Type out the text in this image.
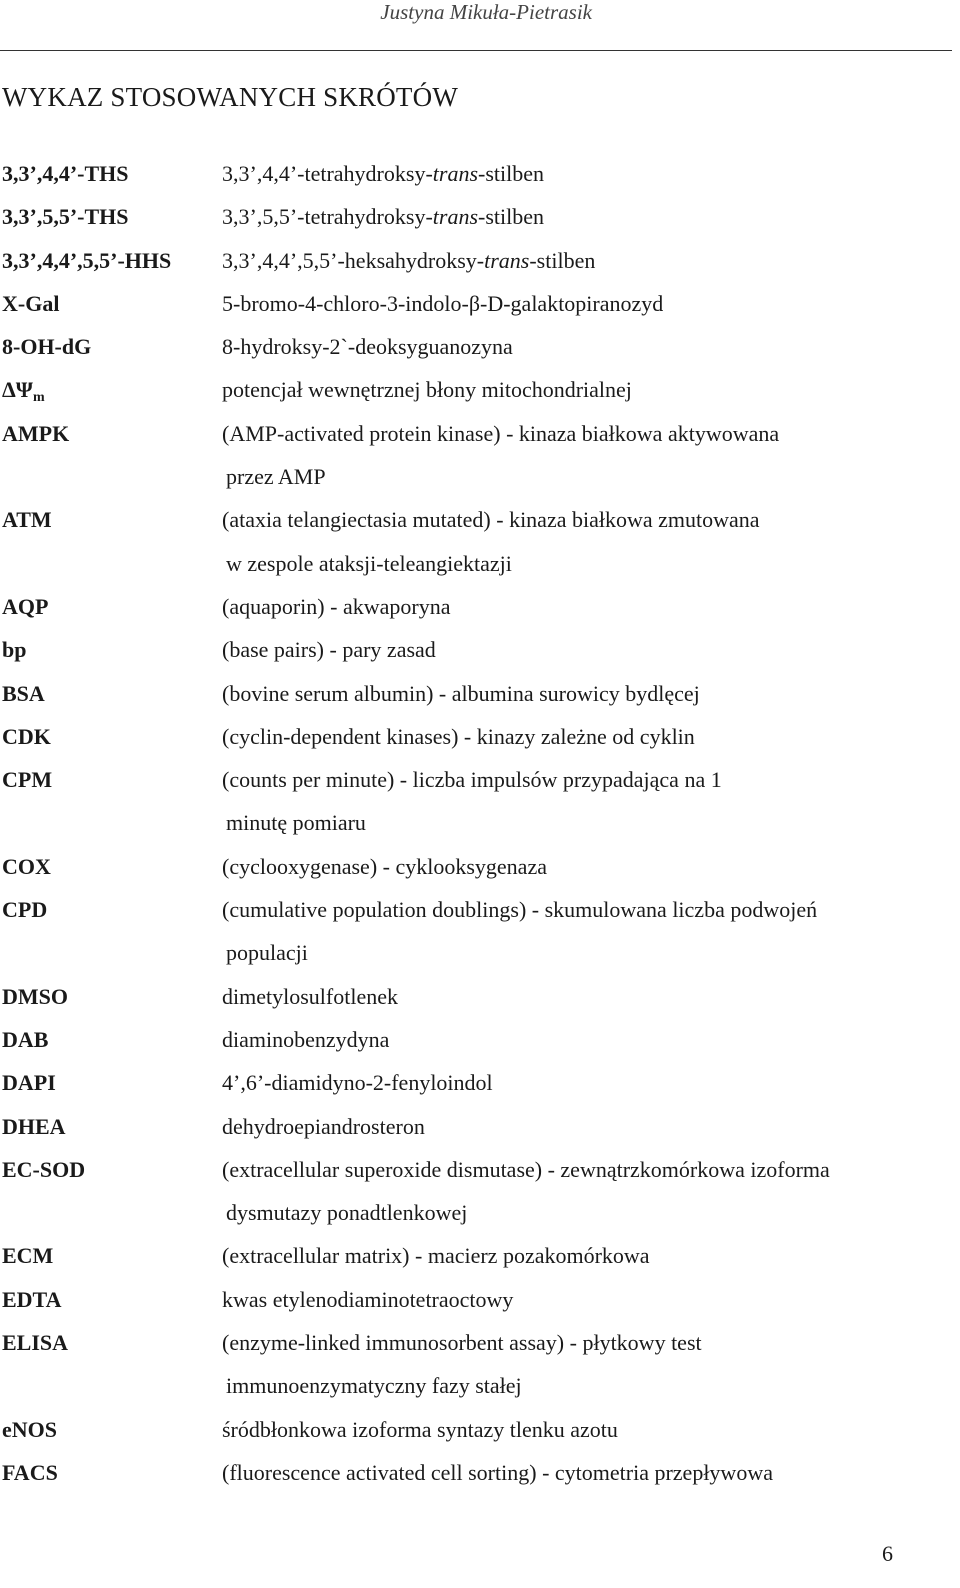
Justyna Mikuła-Pietrasik
WYKAZ STOSOWANYCH SKRÓTÓW
3,3’,4,4’-THS	3,3’,4,4’-tetrahydroksy-trans-stilben
3,3’,5,5’-THS	3,3’,5,5’-tetrahydroksy-trans-stilben
3,3’,4,4’,5,5’-HHS	3,3’,4,4’,5,5’-heksahydroksy-trans-stilben
X-Gal	5-bromo-4-chloro-3-indolo-β-D-galaktopiranozyd
8-OH-dG	8-hydroksy-2`-deoksyguanozyna
$\Delta\Psi_m$	potencjał wewnętrznej błony mitochondrialnej
AMPK	(AMP-activated protein kinase) - kinaza białkowa aktywowana
przez AMP
ATM	(ataxia telangiectasia mutated) - kinaza białkowa zmutowana
w zespole ataksji-teleangiektazji
AQP	(aquaporin) - akwaporyna
bp	(base pairs) - pary zasad
BSA	(bovine serum albumin) - albumina surowicy bydlęcej
CDK	(cyclin-dependent kinases) - kinazy zależne od cyklin
CPM	(counts per minute) - liczba impulsów przypadająca na 1
minutę pomiaru
COX	(cyclooxygenase) - cyklooksygenaza
CPD	(cumulative population doublings) - skumulowana liczba podwojeń
populacji
DMSO	dimetylosulfotlenek
DAB	diaminobenzydyna
DAPI	4’,6’-diamidyno-2-fenyloindol
DHEA	dehydroepiandrosteron
EC-SOD	(extracellular superoxide dismutase) - zewnątrzkomórkowa izoforma
dysmutazy ponadtlenkowej
ECM	(extracellular matrix) - macierz pozakomórkowa
EDTA	kwas etylenodiaminotetraoctowy
ELISA	(enzyme-linked immunosorbent assay) - płytkowy test
immunoenzymatyczny fazy stałej
eNOS	śródbłonkowa izoforma syntazy tlenku azotu
FACS	(fluorescence activated cell sorting) - cytometria przepływowa
6
